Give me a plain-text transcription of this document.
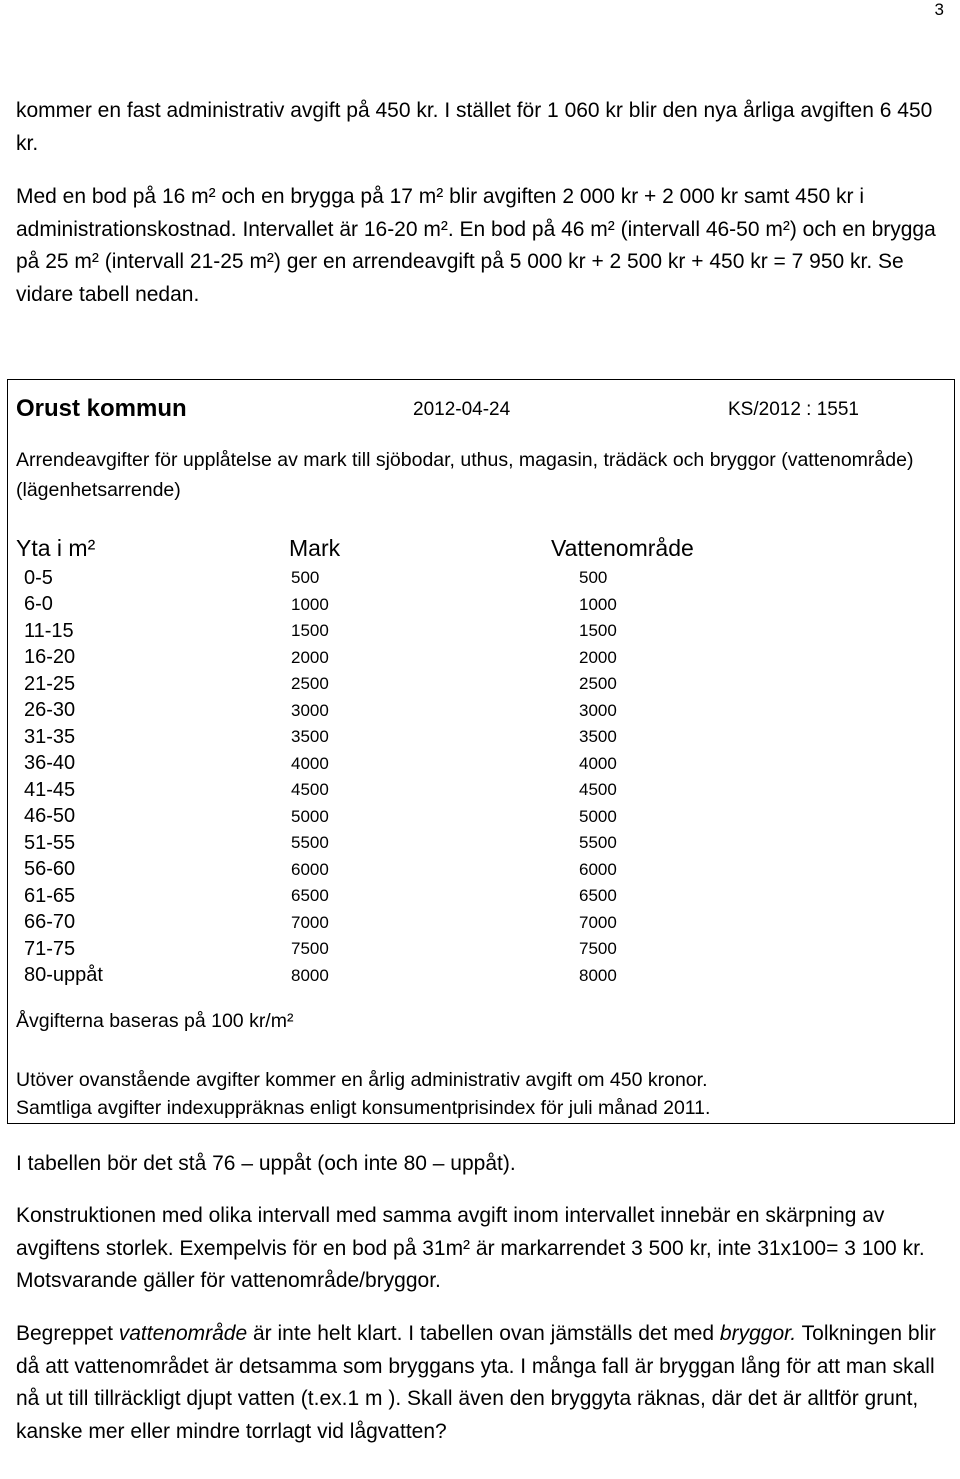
3

kommer en fast administrativ avgift på 450 kr. I stället för 1 060 kr blir den nya årliga avgiften 6 450 kr.

Med en bod på 16 m² och en brygga på 17 m² blir avgiften 2 000 kr + 2 000 kr samt 450 kr i administrationskostnad. Intervallet är 16-20 m². En bod på 46 m² (intervall 46-50 m²) och en brygga på 25 m² (intervall 21-25 m²) ger en arrendeavgift på 5 000 kr + 2 500 kr + 450 kr = 7 950 kr. Se vidare tabell nedan.

Orust kommun	2012-04-24	KS/2012 : 1551

Arrendeavgifter för upplåtelse av mark till sjöbodar, uthus, magasin, trädäck och bryggor (vattenområde) (lägenhetsarrende)

Yta i m²	Mark	Vattenområde
0-5	500	500
6-0	1000	1000
11-15	1500	1500
16-20	2000	2000
21-25	2500	2500
26-30	3000	3000
31-35	3500	3500
36-40	4000	4000
41-45	4500	4500
46-50	5000	5000
51-55	5500	5500
56-60	6000	6000
61-65	6500	6500
66-70	7000	7000
71-75	7500	7500
80-uppåt	8000	8000

Åvgifterna baseras på 100 kr/m²

Utöver ovanstående avgifter kommer en årlig administrativ avgift om 450 kronor.
Samtliga avgifter indexuppräknas enligt konsumentprisindex för juli månad 2011.

I tabellen bör det stå 76 – uppåt (och inte 80 – uppåt).

Konstruktionen med olika intervall med samma avgift inom intervallet innebär en skärpning av avgiftens storlek. Exempelvis för en bod på 31m² är markarrendet 3 500 kr, inte 31x100= 3 100 kr. Motsvarande gäller för vattenområde/bryggor.

Begreppet vattenområde är inte helt klart. I tabellen ovan jämställs det med bryggor. Tolkningen blir då att vattenområdet är detsamma som bryggans yta. I många fall är bryggan lång för att man skall nå ut till tillräckligt djupt vatten (t.ex.1 m ). Skall även den bryggyta räknas, där det är alltför grunt, kanske mer eller mindre torrlagt vid lågvatten?
